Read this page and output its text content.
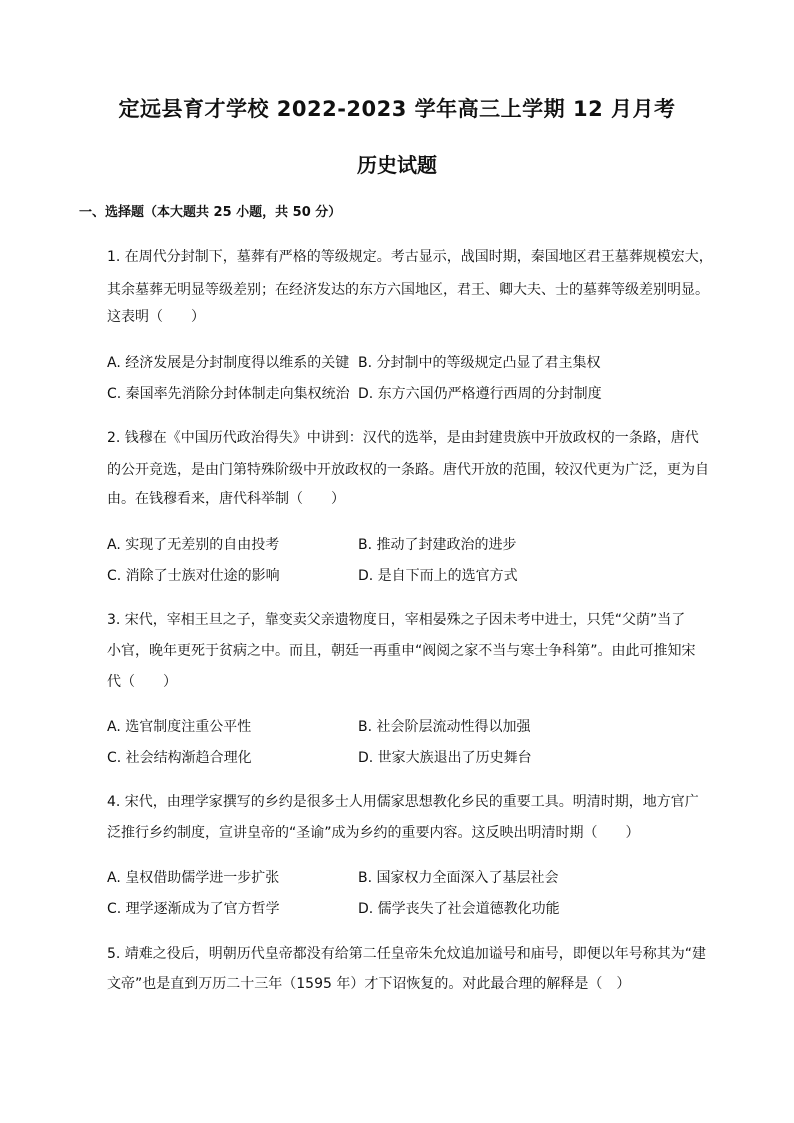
定远县育才学校 2022-2023 学年高三上学期 12 月月考
历史试题
一、选择题（本大题共 25 小题，共 50 分）
1. 在周代分封制下，墓葬有严格的等级规定。考古显示，战国时期，秦国地区君王墓葬规模宏大，
其余墓葬无明显等级差别；在经济发达的东方六国地区，君王、卿大夫、士的墓葬等级差别明显。
这表明（　　）
A. 经济发展是分封制度得以维系的关键 B. 分封制中的等级规定凸显了君主集权
C. 秦国率先消除分封体制走向集权统治 D. 东方六国仍严格遵行西周的分封制度
2. 钱穆在《中国历代政治得失》中讲到：汉代的选举，是由封建贵族中开放政权的一条路，唐代
的公开竞选，是由门第特殊阶级中开放政权的一条路。唐代开放的范围，较汉代更为广泛，更为自
由。在钱穆看来，唐代科举制（　　）
A. 实现了无差别的自由投考	B. 推动了封建政治的进步
C. 消除了士族对仕途的影响	D. 是自下而上的选官方式
3. 宋代，宰相王旦之子，靠变卖父亲遗物度日，宰相晏殊之子因未考中进士，只凭“父荫”当了
小官，晚年更死于贫病之中。而且，朝廷一再重申“阀阅之家不当与寒士争科第”。由此可推知宋
代（　　）
A. 选官制度注重公平性	B. 社会阶层流动性得以加强
C. 社会结构渐趋合理化	D. 世家大族退出了历史舞台
4. 宋代，由理学家撰写的乡约是很多士人用儒家思想教化乡民的重要工具。明清时期，地方官广
泛推行乡约制度，宣讲皇帝的“圣谕”成为乡约的重要内容。这反映出明清时期（　　）
A. 皇权借助儒学进一步扩张	B. 国家权力全面深入了基层社会
C. 理学逐渐成为了官方哲学	D. 儒学丧失了社会道德教化功能
5. 靖难之役后，明朝历代皇帝都没有给第二任皇帝朱允炆追加谥号和庙号，即便以年号称其为“建
文帝”也是直到万历二十三年（1595 年）才下诏恢复的。对此最合理的解释是（　）
